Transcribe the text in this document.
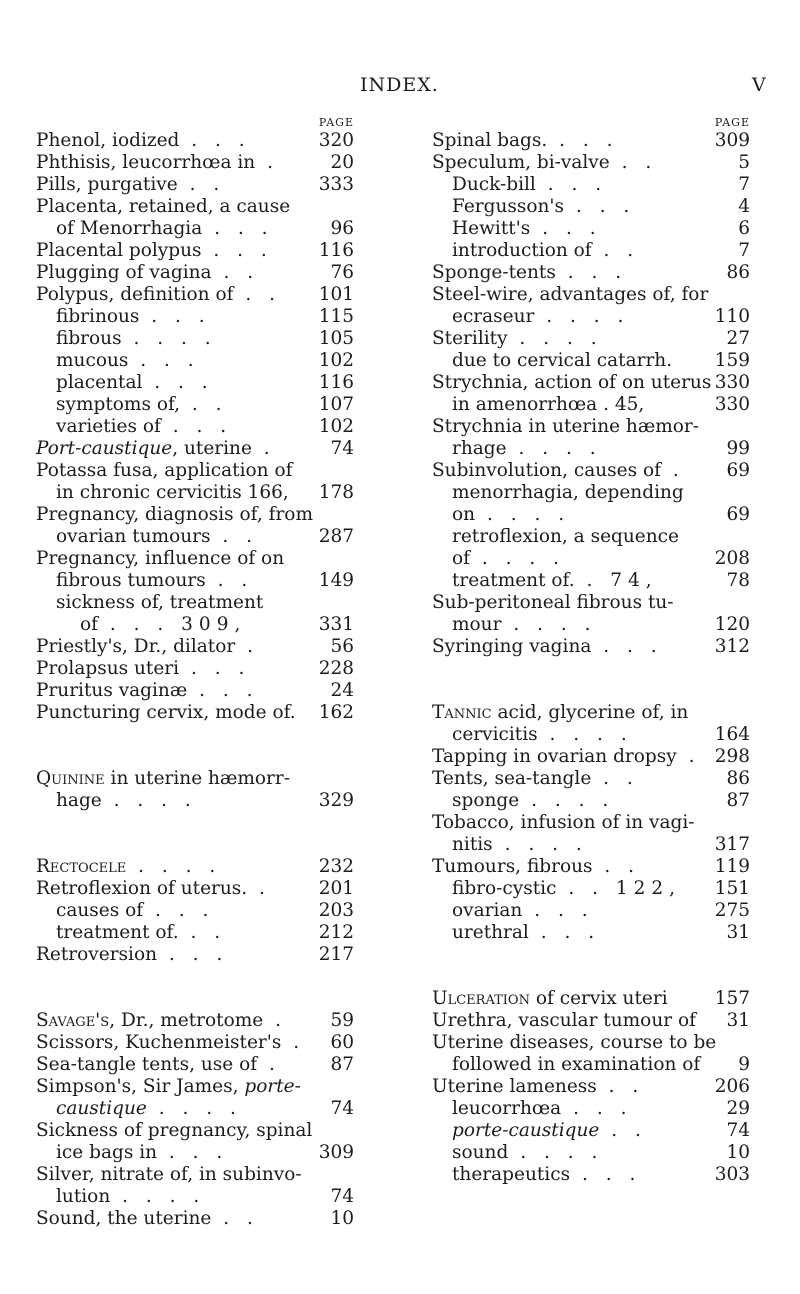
INDEX.	V
PAGE
Phenol, iodized . . .	320
Phthisis, leucorrhœa in .	20
Pills, purgative . .	333
Placenta, retained, a cause
of Menorrhagia . . .	96
Placental polypus . . . 116
Plugging of vagina . .	76
Polypus, definition of . . 101
fibrinous . . .	115
fibrous . . . .	105
mucous . . .	102
placental . . .	116
symptoms of, . .	107
varieties of . . .	102
Port-caustique, uterine .	74
Potassa fusa, application of
in chronic cervicitis 166, 178
Pregnancy, diagnosis of, from
ovarian tumours . .	287
Pregnancy, influence of on
fibrous tumours . .	149
sickness of, treatment
of . . . 309,	331
Priestly's, Dr., dilator .	56
Prolapsus uteri . . .	228
Pruritus vaginæ . . .	24
Puncturing cervix, mode of. 162
Quinine in uterine hæmorr-
hage . . . .	329
Rectocele . . . .	232
Retroflexion of uterus. .	201
causes of . . .	203
treatment of. . .	212
Retroversion . . .	217
Savage's, Dr., metrotome . 59
Scissors, Kuchenmeister's . 60
Sea-tangle tents, use of .	87
Simpson's, Sir James, porte-
caustique . . . .	74
Sickness of pregnancy, spinal
ice bags in . . .	309
Silver, nitrate of, in subinvo-
lution . . . .	74
Sound, the uterine . .	10
PAGE
Spinal bags. . . .	309
Speculum, bi-valve . .	5
Duck-bill . . .	7
Fergusson's . . .	4
Hewitt's . . .	6
introduction of . .	7
Sponge-tents . . .	86
Steel-wire, advantages of, for
ecraseur . . . .	110
Sterility . . . .	27
due to cervical catarrh. 159
Strychnia, action of on uterus 330
in amenorrhœa . 45,	330
Strychnia in uterine hæmor-
rhage . . . .	99
Subinvolution, causes of . 69
menorrhagia, depending
on . . . .	69
retroflexion, a sequence
of . . . .	208
treatment of. . 74,	78
Sub-peritoneal fibrous tu-
mour . . . .	120
Syringing vagina . . .	312
Tannic acid, glycerine of, in
cervicitis . . . .	164
Tapping in ovarian dropsy . 298
Tents, sea-tangle . .	86
sponge . . . .	87
Tobacco, infusion of in vagi-
nitis . . . .	317
Tumours, fibrous . .	119
fibro-cystic . . 122, 151
ovarian . . .	275
urethral . . .	31
Ulceration of cervix uteri	157
Urethra, vascular tumour of 31
Uterine diseases, course to be
followed in examination of 9
Uterine lameness . .	206
leucorrhœa . . .	29
porte-caustique . .	74
sound . . . .	10
therapeutics . . .	303
